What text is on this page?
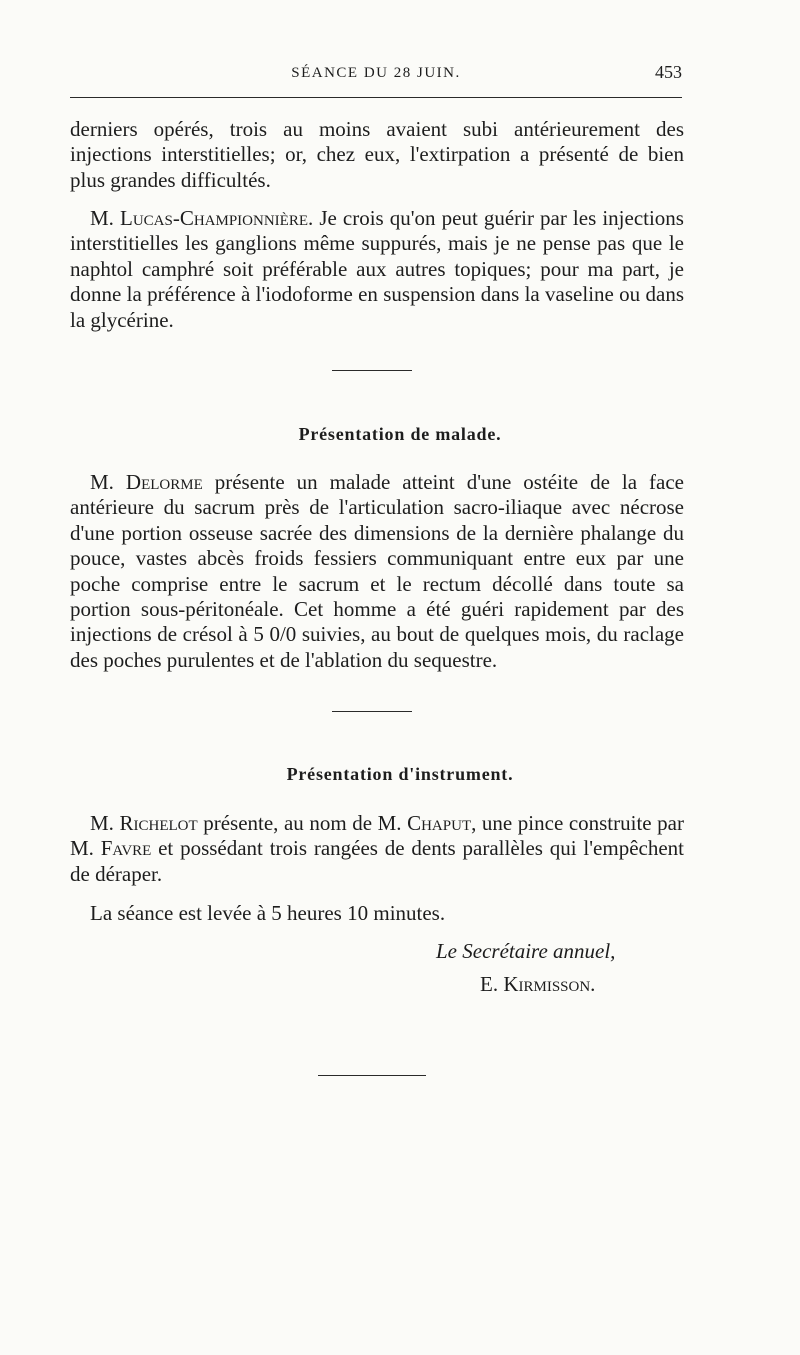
SÉANCE DU 28 JUIN.	453

derniers opérés, trois au moins avaient subi antérieurement des injections interstitielles; or, chez eux, l'extirpation a présenté de bien plus grandes difficultés.

M. Lucas-Championnière. Je crois qu'on peut guérir par les injections interstitielles les ganglions même suppurés, mais je ne pense pas que le naphtol camphré soit préférable aux autres topiques; pour ma part, je donne la préférence à l'iodoforme en suspension dans la vaseline ou dans la glycérine.

Présentation de malade.

M. Delorme présente un malade atteint d'une ostéite de la face antérieure du sacrum près de l'articulation sacro-iliaque avec nécrose d'une portion osseuse sacrée des dimensions de la dernière phalange du pouce, vastes abcès froids fessiers communiquant entre eux par une poche comprise entre le sacrum et le rectum décollé dans toute sa portion sous-péritonéale. Cet homme a été guéri rapidement par des injections de crésol à 5 0/0 suivies, au bout de quelques mois, du raclage des poches purulentes et de l'ablation du sequestre.

Présentation d'instrument.

M. Richelot présente, au nom de M. Chaput, une pince construite par M. Favre et possédant trois rangées de dents parallèles qui l'empêchent de déraper.

La séance est levée à 5 heures 10 minutes.

Le Secrétaire annuel,
E. Kirmisson.
